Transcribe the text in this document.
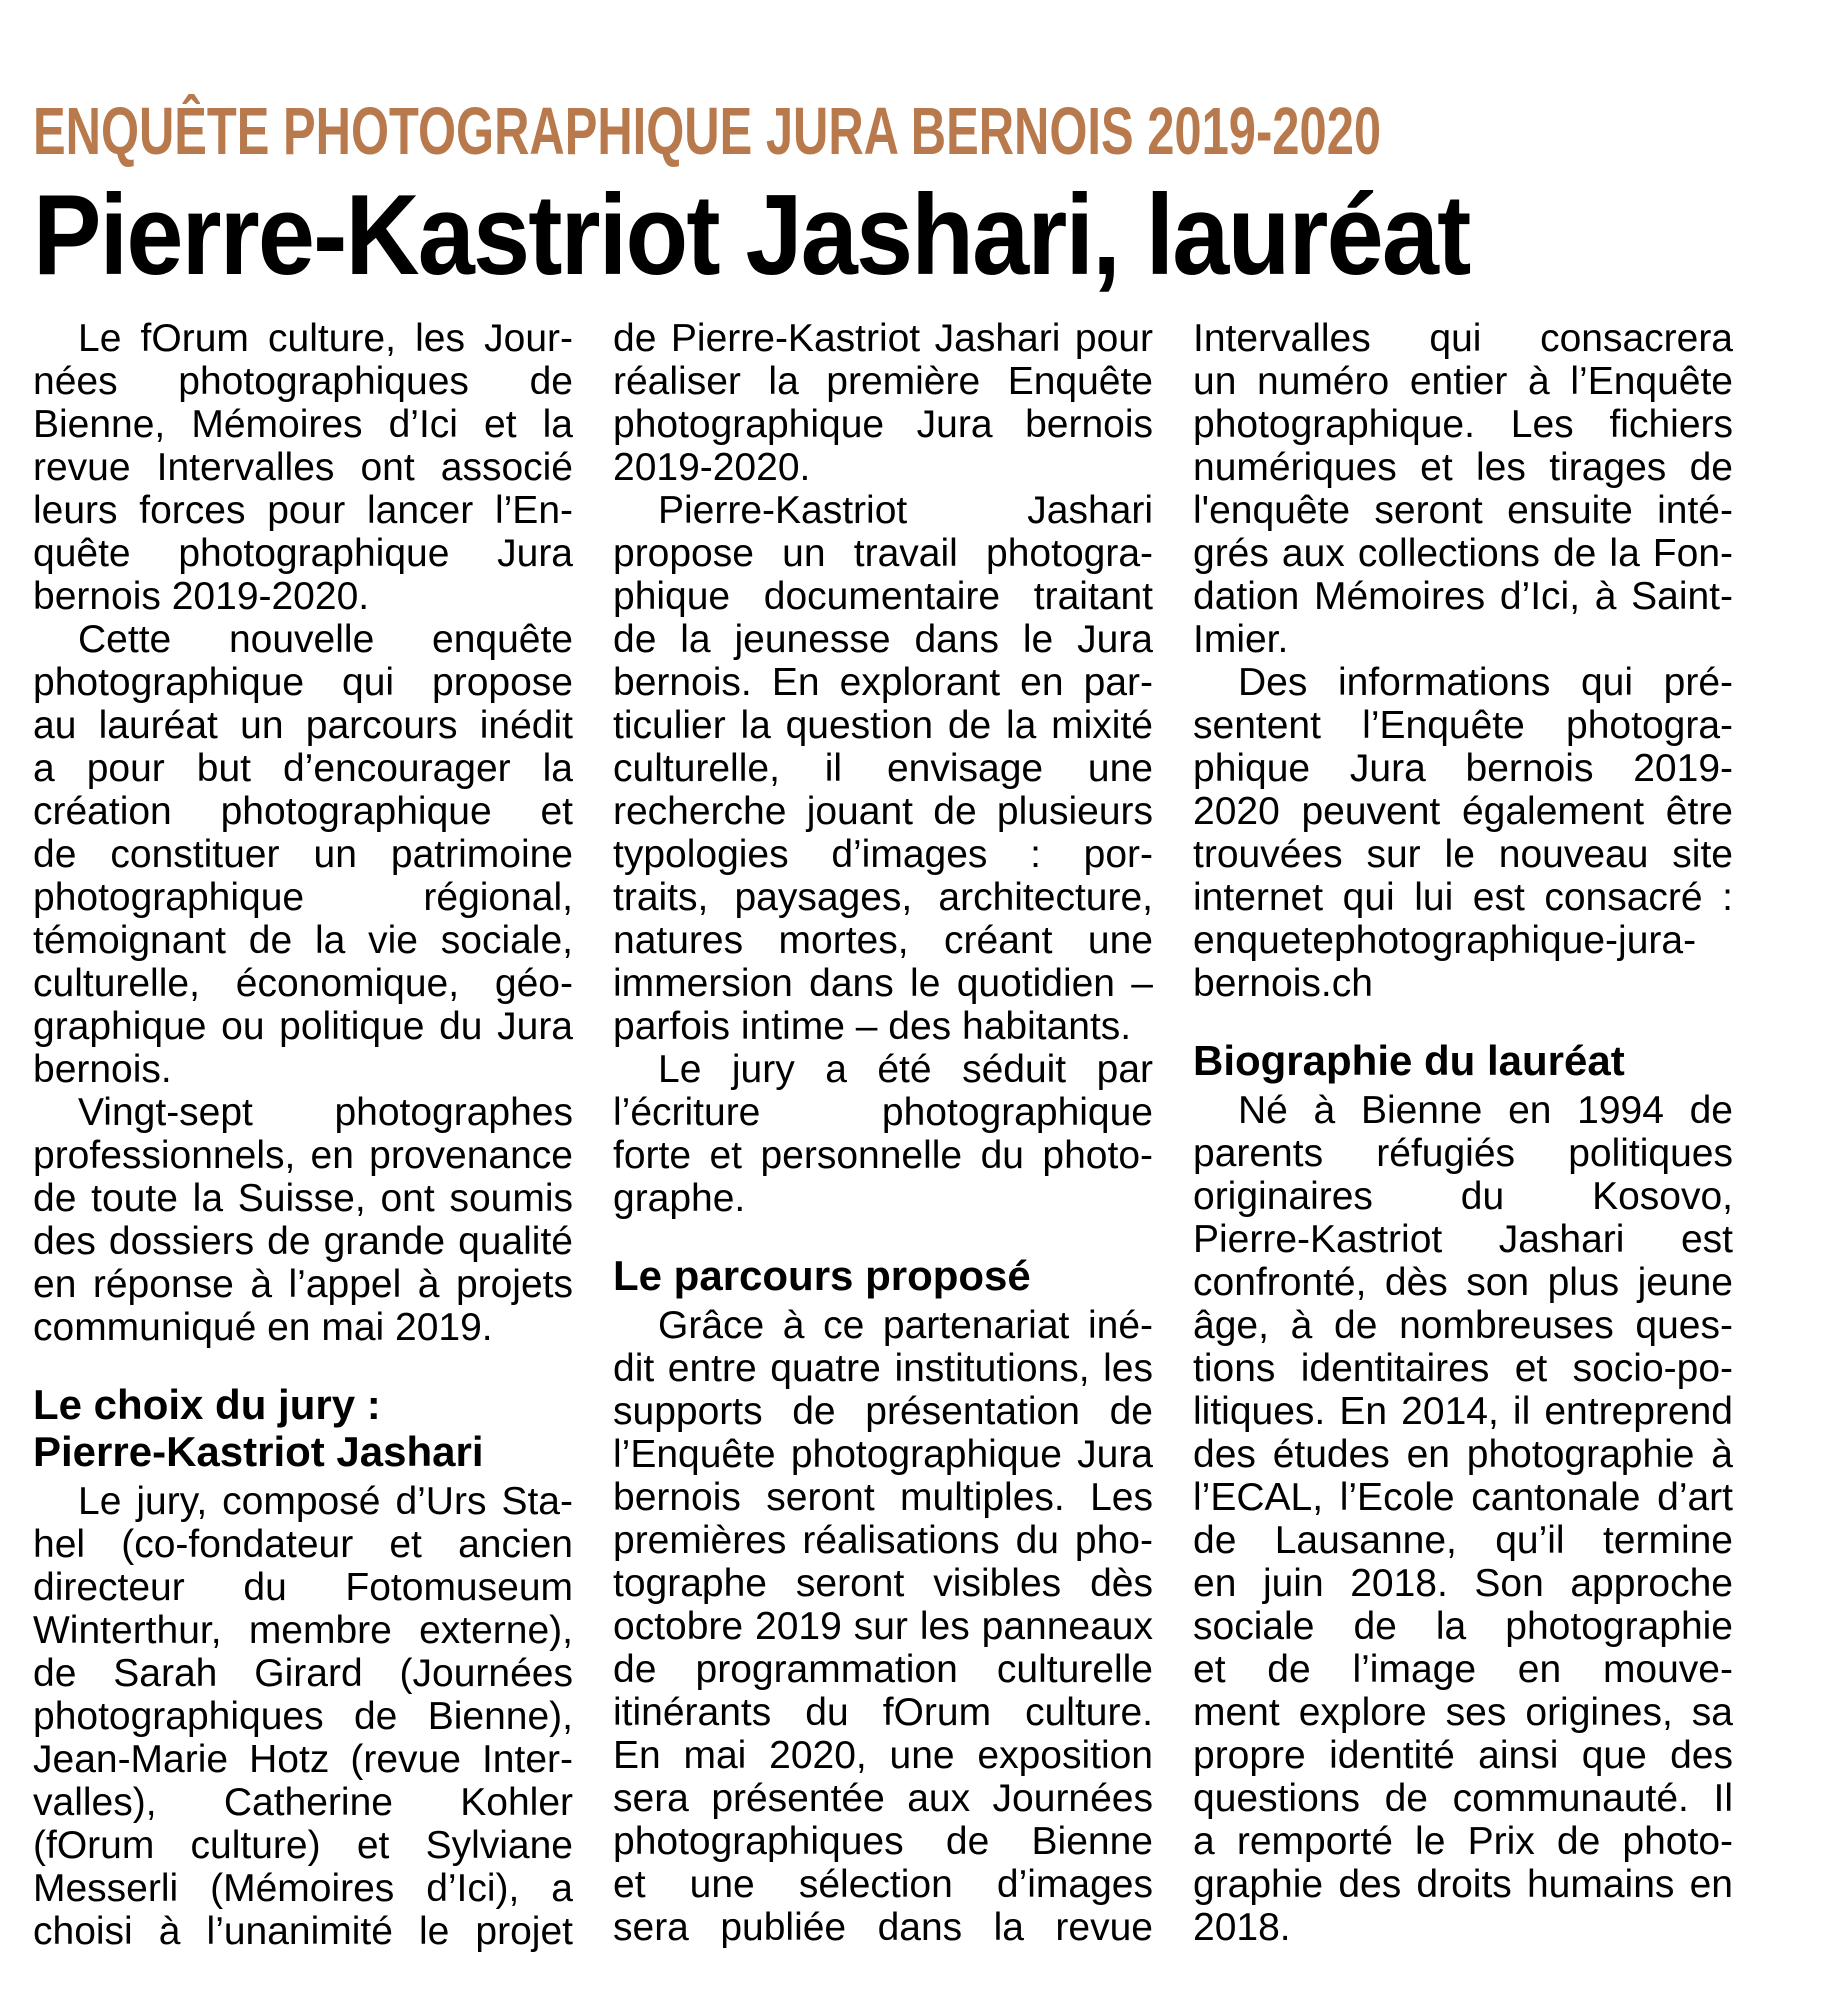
ENQUÊTE PHOTOGRAPHIQUE JURA BERNOIS 2019-2020
Pierre-Kastriot Jashari, lauréat

Le fOrum culture, les Jour-
nées photographiques de
Bienne, Mémoires d’Ici et la
revue Intervalles ont associé
leurs forces pour lancer l’En-
quête photographique Jura
bernois 2019-2020.

Cette nouvelle enquête
photographique qui propose
au lauréat un parcours inédit
a pour but d’encourager la
création photographique et
de constituer un patrimoine
photographique régional,
témoignant de la vie sociale,
culturelle, économique, géo-
graphique ou politique du Jura
bernois.

Vingt-sept photographes
professionnels, en provenance
de toute la Suisse, ont soumis
des dossiers de grande qualité
en réponse à l’appel à projets
communiqué en mai 2019.

Le choix du jury :
Pierre-Kastriot Jashari

Le jury, composé d’Urs Sta-
hel (co-fondateur et ancien
directeur du Fotomuseum
Winterthur, membre externe),
de Sarah Girard (Journées
photographiques de Bienne),
Jean-Marie Hotz (revue Inter-
valles), Catherine Kohler
(fOrum culture) et Sylviane
Messerli (Mémoires d’Ici), a
choisi à l’unanimité le projet

de Pierre-Kastriot Jashari pour
réaliser la première Enquête
photographique Jura bernois
2019-2020.

Pierre-Kastriot Jashari
propose un travail photogra-
phique documentaire traitant
de la jeunesse dans le Jura
bernois. En explorant en par-
ticulier la question de la mixité
culturelle, il envisage une
recherche jouant de plusieurs
typologies d’images : por-
traits, paysages, architecture,
natures mortes, créant une
immersion dans le quotidien –
parfois intime – des habitants.

Le jury a été séduit par
l’écriture photographique
forte et personnelle du photo-
graphe.

Le parcours proposé

Grâce à ce partenariat iné-
dit entre quatre institutions, les
supports de présentation de
l’Enquête photographique Jura
bernois seront multiples. Les
premières réalisations du pho-
tographe seront visibles dès
octobre 2019 sur les panneaux
de programmation culturelle
itinérants du fOrum culture.
En mai 2020, une exposition
sera présentée aux Journées
photographiques de Bienne
et une sélection d’images
sera publiée dans la revue

Intervalles qui consacrera
un numéro entier à l’Enquête
photographique. Les fichiers
numériques et les tirages de
l'enquête seront ensuite inté-
grés aux collections de la Fon-
dation Mémoires d’Ici, à Saint-
Imier.

Des informations qui pré-
sentent l’Enquête photogra-
phique Jura bernois 2019-
2020 peuvent également être
trouvées sur le nouveau site
internet qui lui est consacré :
enquetephotographique-jura-
bernois.ch

Biographie du lauréat

Né à Bienne en 1994 de
parents réfugiés politiques
originaires du Kosovo,
Pierre-Kastriot Jashari est
confronté, dès son plus jeune
âge, à de nombreuses ques-
tions identitaires et socio-po-
litiques. En 2014, il entreprend
des études en photographie à
l’ECAL, l’Ecole cantonale d’art
de Lausanne, qu’il termine
en juin 2018. Son approche
sociale de la photographie
et de l’image en mouve-
ment explore ses origines, sa
propre identité ainsi que des
questions de communauté. Il
a remporté le Prix de photo-
graphie des droits humains en
2018.
